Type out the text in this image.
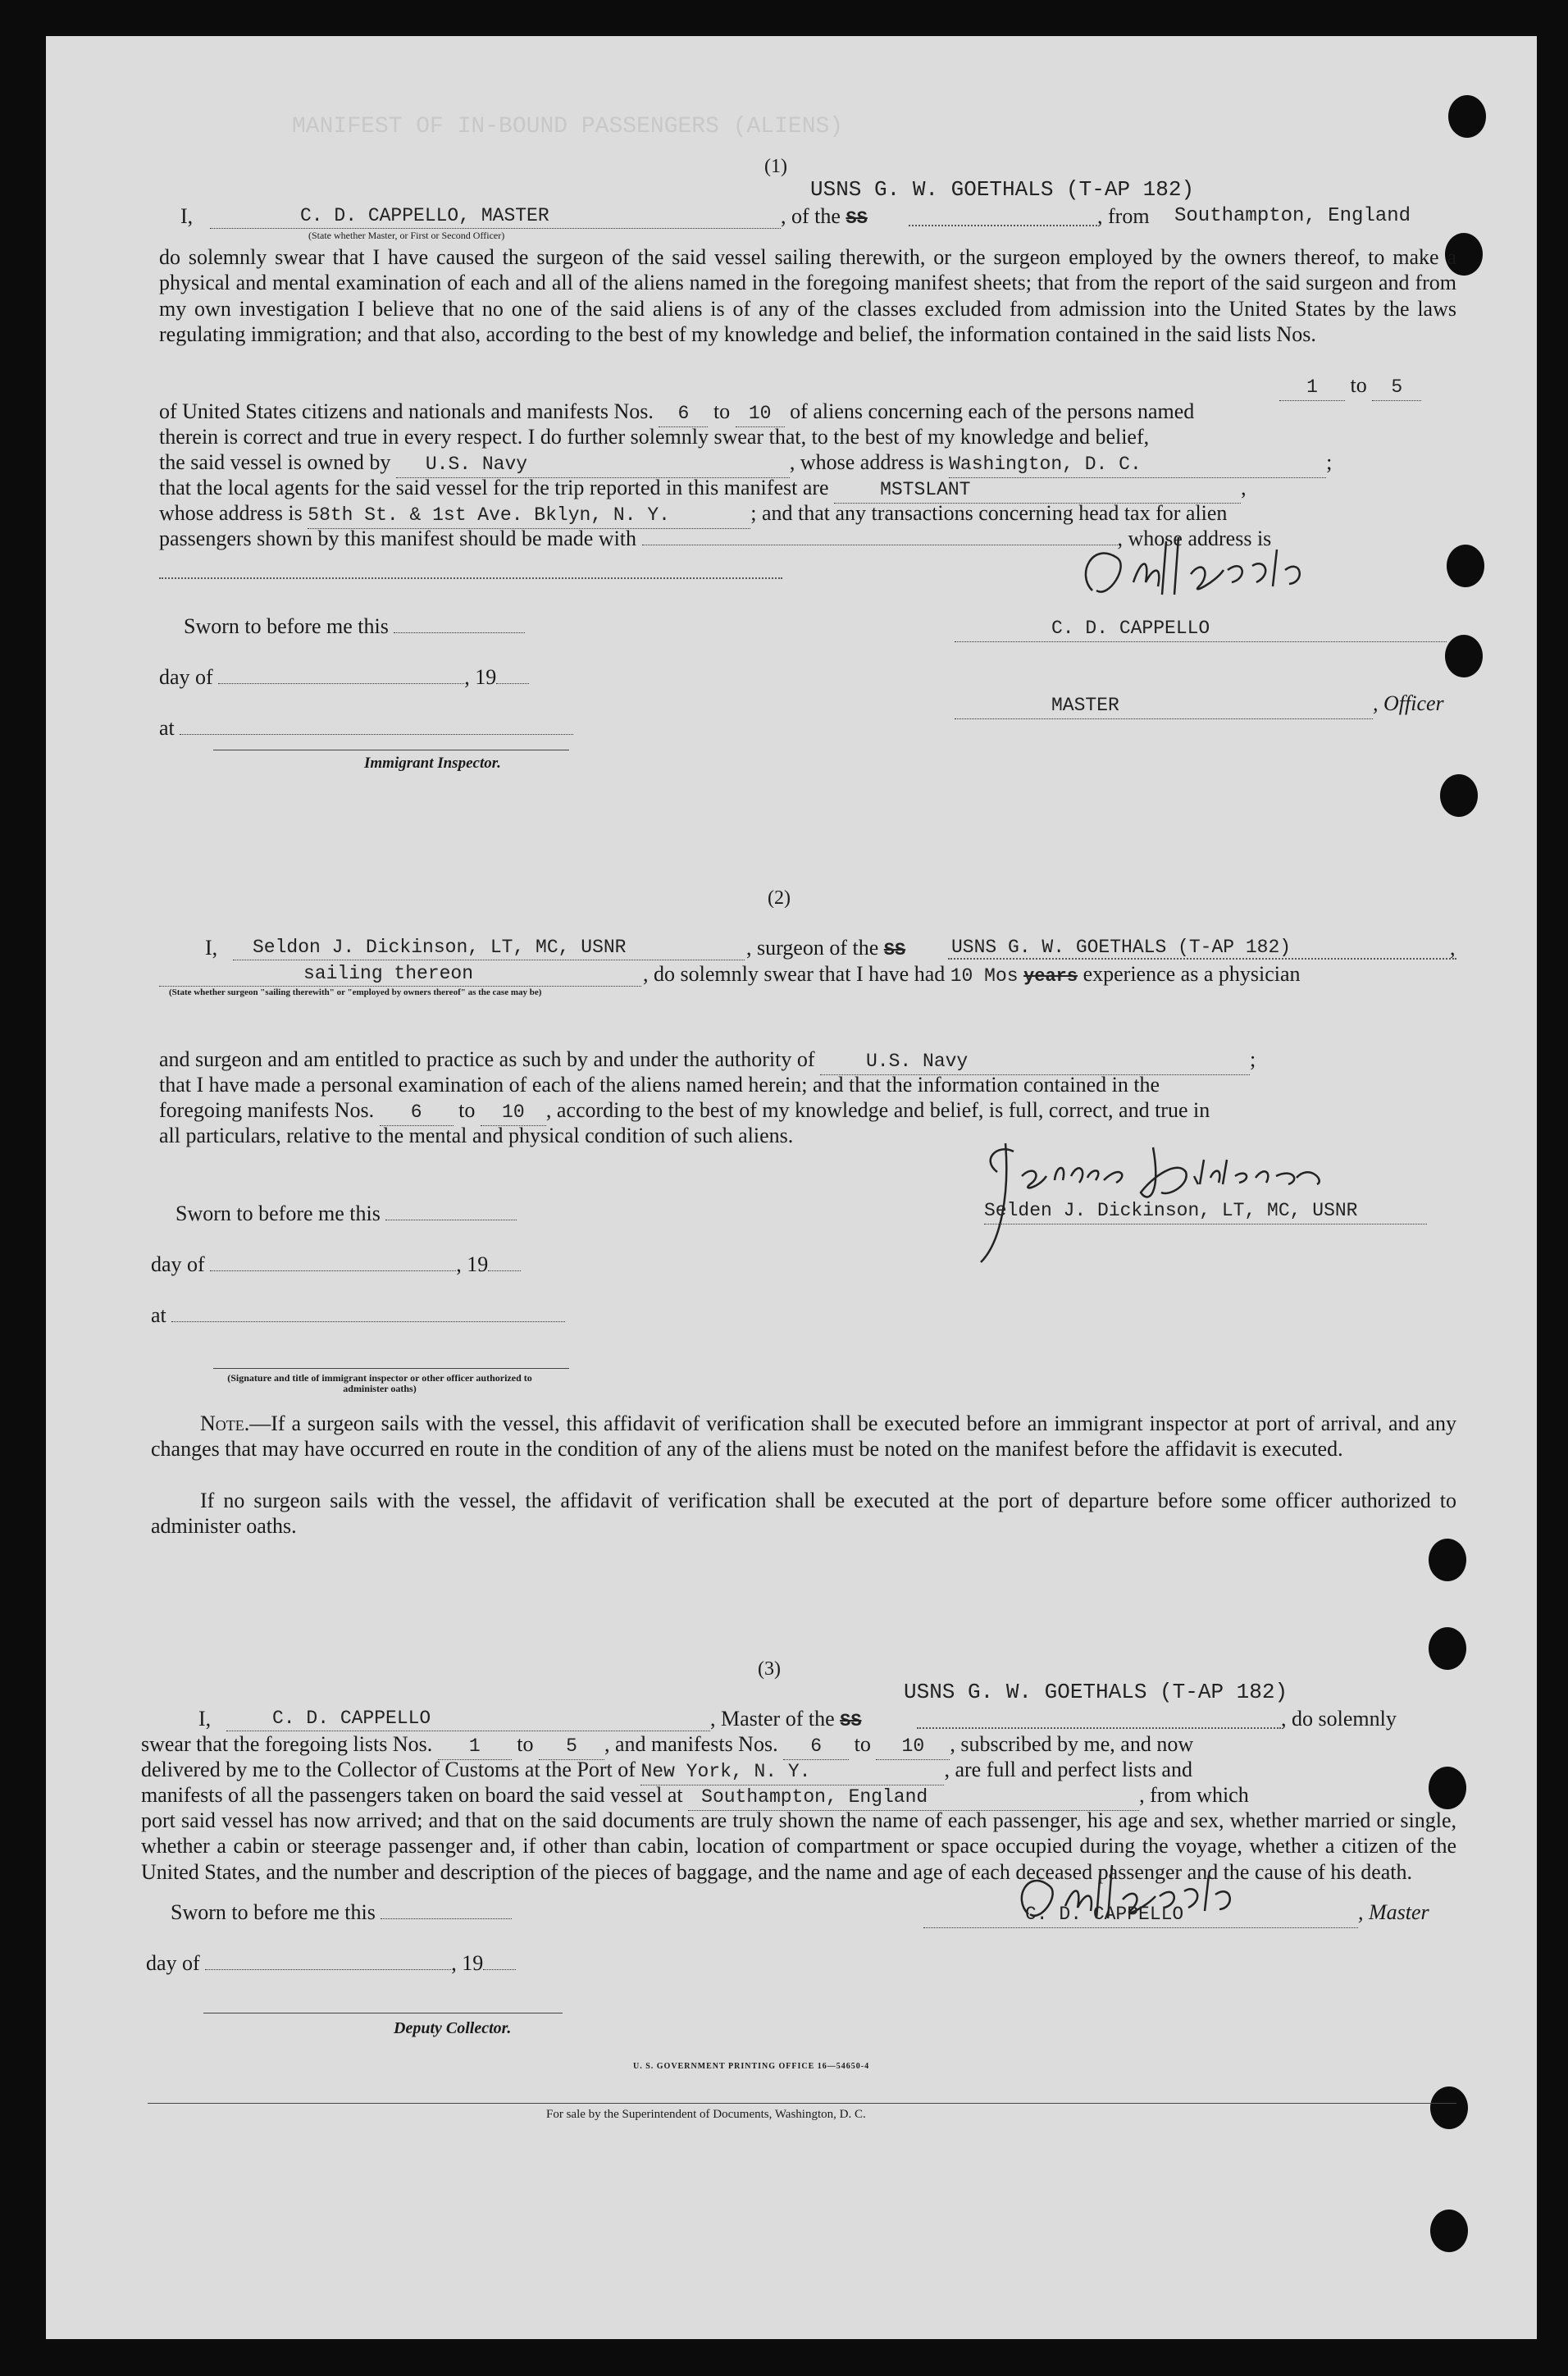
MANIFEST OF IN-BOUND PASSENGERS (ALIENS)
(1)
USNS G. W. GOETHALS (T-AP 182)
I,	C. D. CAPPELLO, MASTER	, of the SS	, from Southampton, England
(State whether Master, or First or Second Officer)
do solemnly swear that I have caused the surgeon of the said vessel sailing therewith, or the surgeon employed by the owners thereof, to make a physical and mental examination of each and all of the aliens named in the foregoing manifest sheets; that from the report of the said surgeon and from my own investigation I believe that no one of the said aliens is of any of the classes excluded from admission into the United States by the laws regulating immigration; and that also, according to the best of my knowledge and belief, the information contained in the said lists Nos.
1 to 5
of United States citizens and nationals and manifests Nos. 6 to 10 of aliens concerning each of the persons named
therein is correct and true in every respect. I do further solemnly swear that, to the best of my knowledge and belief,
the said vessel is owned by U.S. Navy	, whose address is Washington, D. C.	;
that the local agents for the said vessel for the trip reported in this manifest are	MSTSLANT	,
whose address is 58th St. & 1st Ave. Bklyn, N. Y.	; and that any transactions concerning head tax for alien
passengers shown by this manifest should be made with	, whose address is
Sworn to before me this
day of	, 19
at
Immigrant Inspector.
C. D. CAPPELLO
MASTER	, Officer
(2)
I, Seldon J. Dickinson, LT, MC, USNR	, surgeon of the SS USNS G. W. GOETHALS (T-AP 182)	,
sailing thereon	, do solemnly swear that I have had 10 Mos years experience as a physician
(State whether surgeon "sailing therewith" or "employed by owners thereof" as the case may be)
and surgeon and am entitled to practice as such by and under the authority of	U.S. Navy	;
that I have made a personal examination of each of the aliens named herein; and that the information contained in the
foregoing manifests Nos. 6 to 10 , according to the best of my knowledge and belief, is full, correct, and true in
all particulars, relative to the mental and physical condition of such aliens.
Selden J. Dickinson, LT, MC, USNR
Sworn to before me this
day of	, 19
at
(Signature and title of immigrant inspector or other officer authorized to administer oaths)
Note.—If a surgeon sails with the vessel, this affidavit of verification shall be executed before an immigrant inspector at port of arrival, and any changes that may have occurred en route in the condition of any of the aliens must be noted on the manifest before the affidavit is executed.
If no surgeon sails with the vessel, the affidavit of verification shall be executed at the port of departure before some officer authorized to administer oaths.
(3)
USNS G. W. GOETHALS (T-AP 182)
I,	C. D. CAPPELLO	, Master of the SS	, do solemnly
swear that the foregoing lists Nos. 1 to 5 , and manifests Nos. 6 to 10 , subscribed by me, and now
delivered by me to the Collector of Customs at the Port of New York, N. Y.	, are full and perfect lists and
manifests of all the passengers taken on board the said vessel at Southampton, England	, from which
port said vessel has now arrived; and that on the said documents are truly shown the name of each passenger, his age and sex, whether married or single, whether a cabin or steerage passenger and, if other than cabin, location of compartment or space occupied during the voyage, whether a citizen of the United States, and the number and description of the pieces of baggage, and the name and age of each deceased passenger and the cause of his death.
Sworn to before me this	C. D. CAPPELLO	, Master
day of	, 19
Deputy Collector.
U. S. GOVERNMENT PRINTING OFFICE 16—54650-4
For sale by the Superintendent of Documents, Washington, D. C.
